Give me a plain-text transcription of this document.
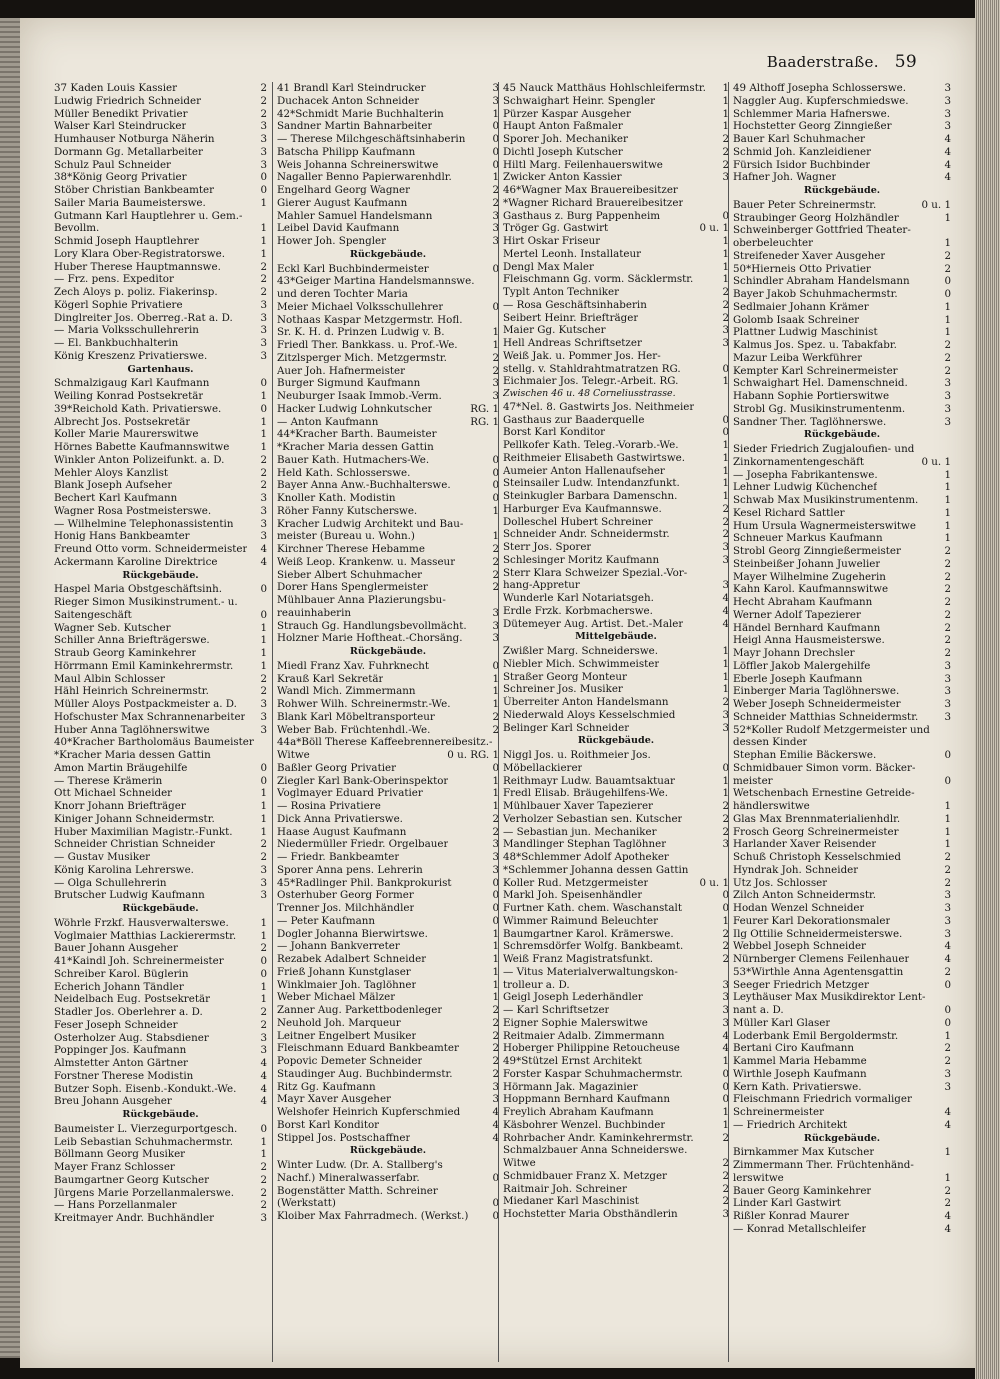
Baaderstraße. 59
37 Kaden Louis Kassier	2
Ludwig Friedrich Schneider	2
Müller Benedikt Privatier	2
Walser Karl Steindrucker	3
Humhauser Notburga Näherin	3
Dormann Gg. Metallarbeiter	3
Schulz Paul Schneider	3
38*König Georg Privatier	0
Stöber Christian Bankbeamter	0
Sailer Maria Baumeisterswe.	1
Gutmann Karl Hauptlehrer u. Gem.-
Bevollm.	1
Schmid Joseph Hauptlehrer	1
Lory Klara Ober-Registratorswe.	1
Huber Therese Hauptmannswe.	2
— Frz. pens. Expeditor	2
Zech Aloys p. poliz. Fiakerinsp.	2
Kögerl Sophie Privatiere	3
Dinglreiter Jos. Oberreg.-Rat a. D.	3
— Maria Volksschullehrerin	3
— El. Bankbuchhalterin	3
König Kreszenz Privatierswe.	3
Gartenhaus.
Schmalzigaug Karl Kaufmann	0
Weiling Konrad Postsekretär	1
39*Reichold Kath. Privatierswe.	0
Albrecht Jos. Postsekretär	1
Koller Marie Maurerswitwe	1
Hörnes Babette Kaufmannswitwe	1
Winkler Anton Polizeifunkt. a. D.	2
Mehler Aloys Kanzlist	2
Blank Joseph Aufseher	2
Bechert Karl Kaufmann	3
Wagner Rosa Postmeisterswe.	3
— Wilhelmine Telephonassistentin	3
Honig Hans Bankbeamter	3
Freund Otto vorm. Schneidermeister	4
Ackermann Karoline Direktrice	4
Rückgebäude.
Haspel Maria Obstgeschäftsinh.	0
Rieger Simon Musikinstrument.- u.
Saitengeschäft	0
Wagner Seb. Kutscher	1
Schiller Anna Briefträgerswe.	1
Straub Georg Kaminkehrer	1
Hörrmann Emil Kaminkehrermstr.	1
Maul Albin Schlosser	2
Hähl Heinrich Schreinermstr.	2
Müller Aloys Postpackmeister a. D.	3
Hofschuster Max Schrannenarbeiter	3
Huber Anna Taglöhnerswitwe	3
40*Kracher Bartholomäus Baumeister
*Kracher Maria dessen Gattin
Amon Martin Bräugehilfe	0
— Therese Krämerin	0
Ott Michael Schneider	1
Knorr Johann Briefträger	1
Kiniger Johann Schneidermstr.	1
Huber Maximilian Magistr.-Funkt.	1
Schneider Christian Schneider	2
— Gustav Musiker	2
König Karolina Lehrerswe.	3
— Olga Schullehrerin	3
Brutscher Ludwig Kaufmann	3
Rückgebäude.
Wöhrle Frzkf. Hausverwalterswe.	1
Voglmaier Matthias Lackierermstr.	1
Bauer Johann Ausgeher	2
41*Kaindl Joh. Schreinermeister	0
Schreiber Karol. Büglerin	0
Echerich Johann Tändler	1
Neidelbach Eug. Postsekretär	1
Stadler Jos. Oberlehrer a. D.	2
Feser Joseph Schneider	2
Osterholzer Aug. Stabsdiener	3
Poppinger Jos. Kaufmann	3
Almstetter Anton Gärtner	4
Forstner Therese Modistin	4
Butzer Soph. Eisenb.-Kondukt.-We.	4
Breu Johann Ausgeher	4
Rückgebäude.
Baumeister L. Vierzegurportgesch.	0
Leib Sebastian Schuhmachermstr.	1
Böllmann Georg Musiker	1
Mayer Franz Schlosser	2
Baumgartner Georg Kutscher	2
Jürgens Marie Porzellanmalerswe.	2
— Hans Porzellanmaler	2
Kreitmayer Andr. Buchhändler	3
41 Brandl Karl Steindrucker	3
Duchacek Anton Schneider	3
42*Schmidt Marie Buchhalterin	1
Sandner Martin Bahnarbeiter	0
— Therese Milchgeschäftsinhaberin	0
Batscha Philipp Kaufmann	0
Weis Johanna Schreinerswitwe	0
Nagaller Benno Papierwarenhdlr.	1
Engelhard Georg Wagner	2
Gierer August Kaufmann	2
Mahler Samuel Handelsmann	3
Leibel David Kaufmann	3
Hower Joh. Spengler	3
Rückgebäude.
Eckl Karl Buchbindermeister	0
43*Geiger Martina Handelsmannswe.
und deren Tochter Maria
Meier Michael Volksschullehrer	0
Nothaas Kaspar Metzgermstr. Hofl.
Sr. K. H. d. Prinzen Ludwig v. B.	1
Friedl Ther. Bankkass. u. Prof.-We.	1
Zitzlsperger Mich. Metzgermstr.	2
Auer Joh. Hafnermeister	2
Burger Sigmund Kaufmann	3
Neuburger Isaak Immob.-Verm.	3
Hacker Ludwig Lohnkutscher	RG. 1
— Anton Kaufmann	RG. 1
44*Kracher Barth. Baumeister
*Kracher Maria dessen Gattin
Bauer Kath. Hutmachers-We.	0
Held Kath. Schlosserswe.	0
Bayer Anna Anw.-Buchhalterswe.	0
Knoller Kath. Modistin	0
Röher Fanny Kutscherswe.	1
Kracher Ludwig Architekt und Bau-
meister (Bureau u. Wohn.)	1
Kirchner Therese Hebamme	2
Weiß Leop. Krankenw. u. Masseur	2
Sieber Albert Schuhmacher	2
Dorer Hans Spenglermeister	2
Mühlbauer Anna Plazierungsbu-
reauinhaberin	3
Strauch Gg. Handlungsbevollmächt.	3
Holzner Marie Hoftheat.-Chorsäng.	3
Rückgebäude.
Miedl Franz Xav. Fuhrknecht	0
Krauß Karl Sekretär	1
Wandl Mich. Zimmermann	1
Rohwer Wilh. Schreinermstr.-We.	1
Blank Karl Möbeltransporteur	2
Weber Bab. Früchtenhdl.-We.	2
44a*Böll Therese Kaffeebrennereibesitz.-
Witwe	0 u. RG. 1
Baßler Georg Privatier	0
Ziegler Karl Bank-Oberinspektor	1
Voglmayer Eduard Privatier	1
— Rosina Privatiere	1
Dick Anna Privatierswe.	2
Haase August Kaufmann	2
Niedermüller Friedr. Orgelbauer	3
— Friedr. Bankbeamter	3
Sporer Anna pens. Lehrerin	3
45*Radlinger Phil. Bankprokurist	0
Osterhuber Georg Former	0
Trenner Jos. Milchhändler	0
— Peter Kaufmann	0
Dogler Johanna Bierwirtswe.	1
— Johann Bankverreter	1
Rezabek Adalbert Schneider	1
Frieß Johann Kunstglaser	1
Winklmaier Joh. Taglöhner	1
Weber Michael Mälzer	1
Zanner Aug. Parkettbodenleger	2
Neuhold Joh. Marqueur	2
Leitner Engelbert Musiker	2
Fleischmann Eduard Bankbeamter	2
Popovic Demeter Schneider	2
Staudinger Aug. Buchbindermstr.	2
Ritz Gg. Kaufmann	3
Mayr Xaver Ausgeher	3
Welshofer Heinrich Kupferschmied	4
Borst Karl Konditor	4
Stippel Jos. Postschaffner	4
Rückgebäude.
Winter Ludw. (Dr. A. Stallberg's
Nachf.) Mineralwasserfabr.	0
Bogenstätter Matth. Schreiner
(Werkstatt)	0
Kloiber Max Fahrradmech. (Werkst.)	0
45 Nauck Matthäus Hohlschleifermstr.	1
Schwaighart Heinr. Spengler	1
Pürzer Kaspar Ausgeher	1
Haupt Anton Faßmaler	1
Sporer Joh. Mechaniker	2
Dichtl Joseph Kutscher	2
Hiltl Marg. Feilenhauerswitwe	2
Zwicker Anton Kassier	3
46*Wagner Max Brauereibesitzer
*Wagner Richard Brauereibesitzer
Gasthaus z. Burg Pappenheim	0
Tröger Gg. Gastwirt	0 u. 1
Hirt Oskar Friseur	1
Mertel Leonh. Installateur	1
Dengl Max Maler	1
Fleischmann Gg. vorm. Säcklermstr.	1
Typlt Anton Techniker	2
— Rosa Geschäftsinhaberin	2
Seibert Heinr. Briefträger	2
Maier Gg. Kutscher	3
Hell Andreas Schriftsetzer	3
Weiß Jak. u. Pommer Jos. Her-
stellg. v. Stahldrahtmatratzen RG.	0
Eichmaier Jos. Telegr.-Arbeit. RG.	1
Zwischen 46 u. 48 Corneliusstrasse.
47*Nel. 8. Gastwirts Jos. Neithmeier
Gasthaus zur Baaderquelle	0
Borst Karl Konditor	0
Pellkofer Kath. Teleg.-Vorarb.-We.	1
Reithmeier Elisabeth Gastwirtswe.	1
Aumeier Anton Hallenaufseher	1
Steinsailer Ludw. Intendanzfunkt.	1
Steinkugler Barbara Damenschn.	1
Harburger Eva Kaufmannswe.	2
Dolleschel Hubert Schreiner	2
Schneider Andr. Schneidermstr.	2
Sterr Jos. Sporer	3
Schlesinger Moritz Kaufmann	3
Sterr Klara Schweizer Spezial.-Vor-
hang-Appretur	3
Wunderle Karl Notariatsgeh.	4
Erdle Frzk. Korbmacherswe.	4
Dütemeyer Aug. Artist. Det.-Maler	4
Mittelgebäude.
Zwißler Marg. Schneiderswe.	1
Niebler Mich. Schwimmeister	1
Straßer Georg Monteur	1
Schreiner Jos. Musiker	1
Überreiter Anton Handelsmann	2
Niederwald Aloys Kesselschmied	3
Belinger Karl Schneider	3
Rückgebäude.
Niggl Jos. u. Roithmeier Jos.
Möbellackierer	0
Reithmayr Ludw. Bauamtsaktuar	1
Fredl Elisab. Bräugehilfens-We.	1
Mühlbauer Xaver Tapezierer	2
Verholzer Sebastian sen. Kutscher	2
— Sebastian jun. Mechaniker	2
Mandlinger Stephan Taglöhner	3
48*Schlemmer Adolf Apotheker
*Schlemmer Johanna dessen Gattin
Koller Rud. Metzgermeister	0 u. 1
Markl Joh. Speisenhändler	0
Furtner Kath. chem. Waschanstalt	0
Wimmer Raimund Beleuchter	1
Baumgartner Karol. Krämerswe.	2
Schremsdörfer Wolfg. Bankbeamt.	2
Weiß Franz Magistratsfunkt.	2
— Vitus Materialverwaltungskon-
trolleur a. D.	3
Geigl Joseph Lederhändler	3
— Karl Schriftsetzer	3
Eigner Sophie Malerswitwe	3
Reitmaier Adalb. Zimmermann	4
Hoberger Philippine Retoucheuse	4
49*Stützel Ernst Architekt	1
Forster Kaspar Schuhmachermstr.	0
Hörmann Jak. Magazinier	0
Hoppmann Bernhard Kaufmann	0
Freylich Abraham Kaufmann	1
Käsbohrer Wenzel. Buchbinder	1
Rohrbacher Andr. Kaminkehrermstr.	2
Schmalzbauer Anna Schneiderswe.
Witwe	2
Schmidbauer Franz X. Metzger	2
Raitmair Joh. Schreiner	2
Miedaner Karl Maschinist	2
Hochstetter Maria Obsthändlerin	3
49 Althoff Josepha Schlosserswe.	3
Naggler Aug. Kupferschmiedswe.	3
Schlemmer Maria Hafnerswe.	3
Hochstetter Georg Zinngießer	3
Bauer Karl Schuhmacher	4
Schmid Joh. Kanzleidiener	4
Fürsich Isidor Buchbinder	4
Hafner Joh. Wagner	4
Rückgebäude.
Bauer Peter Schreinermstr.	0 u. 1
Straubinger Georg Holzhändler	1
Schweinberger Gottfried Theater-
oberbeleuchter	1
Streifeneder Xaver Ausgeher	2
50*Hierneis Otto Privatier	2
Schindler Abraham Handelsmann	0
Bayer Jakob Schuhmachermstr.	0
Sedlmaier Johann Krämer	1
Golomb Isaak Schreiner	1
Plattner Ludwig Maschinist	1
Kalmus Jos. Spez. u. Tabakfabr.	2
Mazur Leiba Werkführer	2
Kempter Karl Schreinermeister	2
Schwaighart Hel. Damenschneid.	3
Habann Sophie Portierswitwe	3
Strobl Gg. Musikinstrumentenm.	3
Sandner Ther. Taglöhnerswe.	3
Rückgebäude.
Sieder Friedrich Zugjaloufien- und
Zinkornamentengeschäft	0 u. 1
— Josepha Fabrikantenswe.	1
Lehner Ludwig Küchenchef	1
Schwab Max Musikinstrumentenm.	1
Kesel Richard Sattler	1
Hum Ursula Wagnermeisterswitwe	1
Schneuer Markus Kaufmann	1
Strobl Georg Zinngießermeister	2
Steinbeißer Johann Juwelier	2
Mayer Wilhelmine Zugeherin	2
Kahn Karol. Kaufmannswitwe	2
Hecht Abraham Kaufmann	2
Werner Adolf Tapezierer	2
Händel Bernhard Kaufmann	2
Heigl Anna Hausmeisterswe.	2
Mayr Johann Drechsler	2
Löffler Jakob Malergehilfe	3
Eberle Joseph Kaufmann	3
Einberger Maria Taglöhnerswe.	3
Weber Joseph Schneidermeister	3
Schneider Matthias Schneidermstr.	3
52*Koller Rudolf Metzgermeister und
dessen Kinder
Stephan Emilie Bäckerswe.	0
Schmidbauer Simon vorm. Bäcker-
meister	0
Wetschenbach Ernestine Getreide-
händlerswitwe	1
Glas Max Brennmaterialienhdlr.	1
Frosch Georg Schreinermeister	1
Harlander Xaver Reisender	1
Schuß Christoph Kesselschmied	2
Hyndrak Joh. Schneider	2
Utz Jos. Schlosser	2
Zilch Anton Schneidermstr.	3
Hodan Wenzel Schneider	3
Feurer Karl Dekorationsmaler	3
Ilg Ottilie Schneidermeisterswe.	3
Webbel Joseph Schneider	4
Nürnberger Clemens Feilenhauer	4
53*Wirthle Anna Agentensgattin	2
Seeger Friedrich Metzger	0
Leythäuser Max Musikdirektor Lent-
nant a. D.	0
Müller Karl Glaser	0
Loderbank Emil Bergoldermstr.	1
Bertani Ciro Kaufmann	2
Kammel Maria Hebamme	2
Wirthle Joseph Kaufmann	3
Kern Kath. Privatierswe.	3
Fleischmann Friedrich vormaliger
Schreinermeister	4
— Friedrich Architekt	4
Rückgebäude.
Birnkammer Max Kutscher	1
Zimmermann Ther. Früchtenhänd-
lerswitwe	1
Bauer Georg Kaminkehrer	2
Linder Karl Gastwirt	2
Rißler Konrad Maurer	4
— Konrad Metallschleifer	4
